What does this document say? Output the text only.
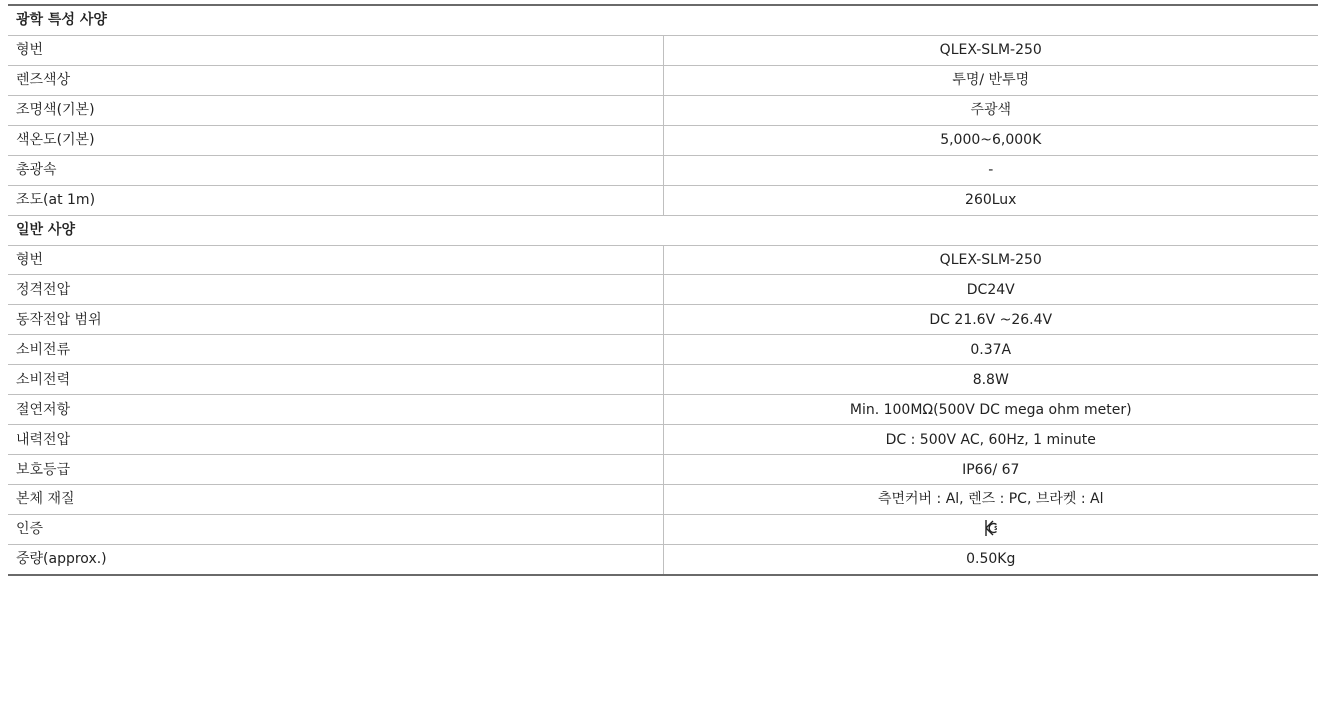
광학 특성 사양	
형번	QLEX-SLM-250
렌즈색상	투명/ 반투명
조명색(기본)	주광색
색온도(기본)	5,000~6,000K
총광속	-
조도(at 1m)	260Lux
일반 사양	
형번	QLEX-SLM-250
정격전압	DC24V
동작전압 범위	DC 21.6V ~26.4V
소비전류	0.37A
소비전력	8.8W
절연저항	Min. 100MΩ(500V DC mega ohm meter)
내력전압	DC : 500V AC, 60Hz, 1 minute
보호등급	IP66/ 67
본체 재질	측면커버 : Al, 렌즈 : PC, 브라켓 : Al
인증	
중량(approx.)	0.50Kg
